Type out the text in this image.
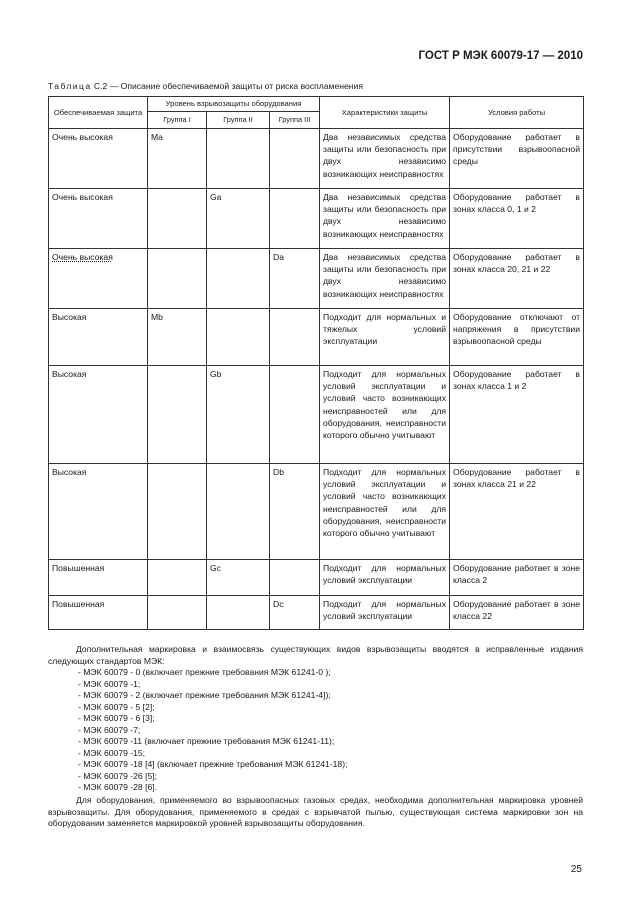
ГОСТ Р МЭК 60079-17 — 2010
Таблица С.2 — Описание обеспечиваемой защиты от риска воспламенения
Обеспечиваемая защита	Уровень взрывозащиты оборудования			Характеристики защиты	Условия работы
	Группа I	Группа II	Группа III		
Очень высокая	Ma			Два независимых средства защиты или безопасность при двух независимо возникающих неисправностях	Оборудование работает в присутствии взрывоопасной среды
Очень высокая		Ga		Два независимых средства защиты или безопасность при двух независимо возникающих неисправностях	Оборудование работает в зонах класса 0, 1 и 2
Очень высокая			Da	Два независимых средства защиты или безопасность при двух независимо возникающих неисправностях	Оборудование работает в зонах класса 20, 21 и 22
Высокая	Mb			Подходит для нормальных и тяжелых условий эксплуатации	Оборудование отключают от напряжения в присутствии взрывоопасной среды
Высокая		Gb		Подходит для нормальных условий эксплуатации и условий часто возникающих неисправностей или для оборудования, неисправности которого обычно учитывают	Оборудование работает в зонах класса 1 и 2
Высокая			Db	Подходит для нормальных условий эксплуатации и условий часто возникающих неисправностей или для оборудования, неисправности которого обычно учитывают	Оборудование работает в зонах класса 21 и 22
Повышенная		Gc		Подходит для нормальных условий эксплуатации	Оборудование работает в зоне класса 2
Повышенная			Dc	Подходит для нормальных условий эксплуатации	Оборудование работает в зоне класса 22

Дополнительная маркировка и взаимосвязь существующих видов взрывозащиты вводятся в исправленные издания следующих стандартов МЭК:

- МЭК 60079 - 0 (включает прежние требования МЭК 61241-0 );
- МЭК 60079 -1;
- МЭК 60079 - 2 (включает прежние требования МЭК 61241-4]);
- МЭК 60079 - 5 [2];
- МЭК 60079 - 6 [3];
- МЭК 60079 -7;
- МЭК 60079 -11 (включает прежние требования МЭК 61241-11);
- МЭК 60079 -15;
- МЭК 60079 -18 [4] (включает прежние требования МЭК 61241-18);
- МЭК 60079 -26 [5];
- МЭК 60079 -28 [6].

Для оборудования, применяемого во взрывоопасных газовых средах, необходима дополнительная маркировка уровней взрывозащиты. Для оборудования, применяемого в средах с взрывчатой пылью, существующая система маркировки зон на оборудовании заменяется маркировкой уровней взрывозащиты оборудования.

25
